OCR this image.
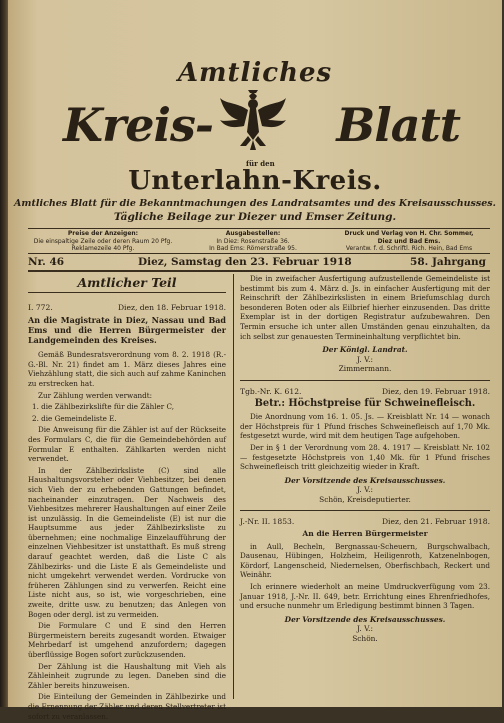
Amtliches
Kreis-	Blatt
für den
Unterlahn-Kreis.
Amtliches Blatt für die Bekanntmachungen des Landratsamtes und des Kreisausschusses.
Tägliche Beilage zur Diezer und Emser Zeitung.
Preise der Anzeigen:
Die einspaltige Zeile oder deren Raum 20 Pfg.
Reklamezeile 40 Pfg.
Ausgabestellen:
In Diez: Rosenstraße 36.
In Bad Ems: Römerstraße 95.
Druck und Verlag von H. Chr. Sommer,
Diez und Bad Ems.
Verantw. f. d. Schriftl. Rich. Hein, Bad Ems
Nr. 46	Diez, Samstag den 23. Februar 1918	58. Jahrgang
Amtlicher Teil
I. 772.	Diez, den 18. Februar 1918.
An die Magistrate in Diez, Nassau und Bad Ems und die Herren Bürgermeister der Landgemeinden des Kreises.

Gemäß Bundesratsverordnung vom 8. 2. 1918 (R.-G.-Bl. Nr. 21) findet am 1. März dieses Jahres eine Viehzählung statt, die sich auch auf zahme Kaninchen zu erstrecken hat.

Zur Zählung werden verwandt:

1. die Zählbezirkslifte für die Zähler C,

2. die Gemeindeliste E.

Die Anweisung für die Zähler ist auf der Rückseite des Formulars C, die für die Gemeindebehörden auf Formular E enthalten. Zählkarten werden nicht verwendet.

In der Zählbezirksliste (C) sind alle Haushaltungsvorsteher oder Viehbesitzer, bei denen sich Vieh der zu erhebenden Gattungen befindet, nacheinander einzutragen. Der Nachweis des Viehbesitzes mehrerer Haushaltungen auf einer Zeile ist unzulässig. In die Gemeindeliste (E) ist nur die Hauptsumme aus jeder Zählbezirksliste zu übernehmen; eine nochmalige Einzelaufführung der einzelnen Viehbesitzer ist unstatthaft. Es muß streng darauf geachtet werden, daß die Liste C als Zählbezirks- und die Liste E als Gemeindeliste und nicht umgekehrt verwendet werden. Vordrucke von früheren Zählungen sind zu verwerfen. Reicht eine Liste nicht aus, so ist, wie vorgeschrieben, eine zweite, dritte usw. zu benutzen; das Anlegen von Bogen oder dergl. ist zu vermeiden.

Die Formulare C und E sind den Herren Bürgermeistern bereits zugesandt worden. Etwaiger Mehrbedarf ist umgehend anzufordern; dagegen überflüssige Bogen sofort zurückzusenden.

Der Zählung ist die Haushaltung mit Vieh als Zähleinheit zugrunde zu legen. Daneben sind die Zähler bereits hinzuweisen.

Die Einteilung der Gemeinden in Zählbezirke und die Ernennung der Zähler und deren Stellvertreter ist sofort zu veranlassen.

Die in zweifacher Ausfertigung aufzustellende Gemeindeliste ist bestimmt bis zum 4. März d. Js. in einfacher Ausfertigung mit der Reinschrift der Zählbezirkslisten in einem Briefumschlag durch besonderen Boten oder als Eilbrief hierher einzusenden. Das dritte Exemplar ist in der dortigen Registratur aufzubewahren. Den Termin ersuche ich unter allen Umständen genau einzuhalten, da ich selbst zur genauesten Termineinhaltung verpflichtet bin.

Der Königl. Landrat.
J. V.:
Zimmermann.
Tgb.-Nr. K. 612.	Diez, den 19. Februar 1918.
Betr.: Höchstpreise für Schweinefleisch.

Die Anordnung vom 16. 1. 05. Js. — Kreisblatt Nr. 14 — wonach der Höchstpreis für 1 Pfund frisches Schweinefleisch auf 1,70 Mk. festgesetzt wurde, wird mit dem heutigen Tage aufgehoben.

Der in § 1 der Verordnung vom 28. 4. 1917 — Kreisblatt Nr. 102 — festgesetzte Höchstpreis von 1,40 Mk. für 1 Pfund frisches Schweinefleisch tritt gleichzeitig wieder in Kraft.

Der Vorsitzende des Kreisausschusses.
J. V.:
Schön, Kreisdeputierter.
J.-Nr. II. 1853.	Diez, den 21. Februar 1918.
An die Herren Bürgermeister

in Aull, Becheln, Bergnassau-Scheuern, Burgschwalbach, Dausenau, Hübingen, Holzheim, Heiligenroth, Katzenelnbogen, Kördorf, Langenscheid, Niedernelsen, Oberfischbach, Reckert und Weinähr.

Ich erinnere wiederholt an meine Umdruckverfügung vom 23. Januar 1918, J.-Nr. II. 649, betr. Errichtung eines Ehrenfriedhofes, und ersuche nunmehr um Erledigung bestimmt binnen 3 Tagen.

Der Vorsitzende des Kreisausschusses.
J. V.:
Schön.
